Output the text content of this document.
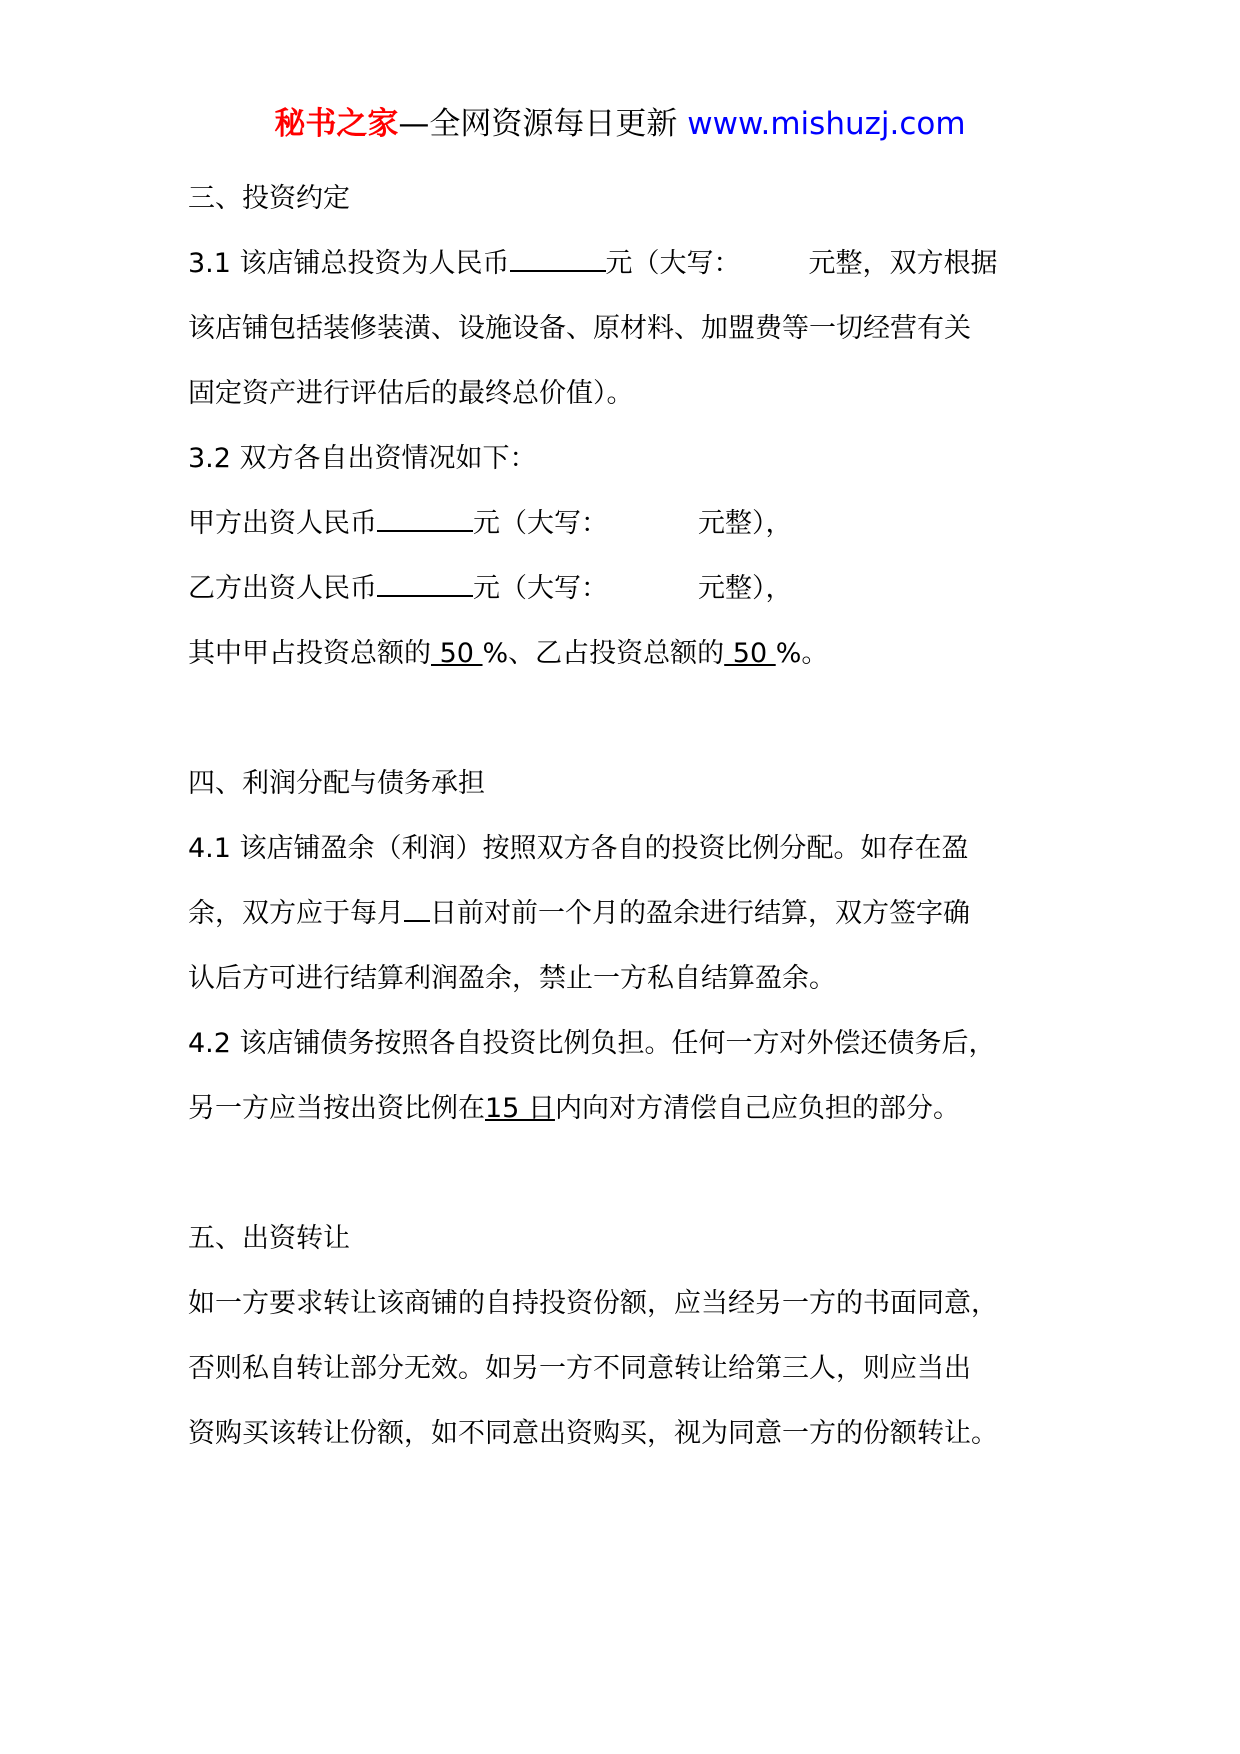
秘书之家—全网资源每日更新 www.mishuzj.com
三、投资约定
3.1 该店铺总投资为人民币	元（大写：	元整，双方根据
该店铺包括装修装潢、设施设备、原材料、加盟费等一切经营有关
固定资产进行评估后的最终总价值）。
3.2 双方各自出资情况如下：
甲方出资人民币	元（大写：	元整），
乙方出资人民币	元（大写：	元整），
其中甲占投资总额的 50 %、乙占投资总额的 50 %。
四、利润分配与债务承担
4.1 该店铺盈余（利润）按照双方各自的投资比例分配。如存在盈
余，双方应于每月 日前对前一个月的盈余进行结算，双方签字确
认后方可进行结算利润盈余，禁止一方私自结算盈余。
4.2 该店铺债务按照各自投资比例负担。任何一方对外偿还债务后，
另一方应当按出资比例在15 日内向对方清偿自己应负担的部分。
五、出资转让
如一方要求转让该商铺的自持投资份额，应当经另一方的书面同意，
否则私自转让部分无效。如另一方不同意转让给第三人，则应当出
资购买该转让份额，如不同意出资购买，视为同意一方的份额转让。
